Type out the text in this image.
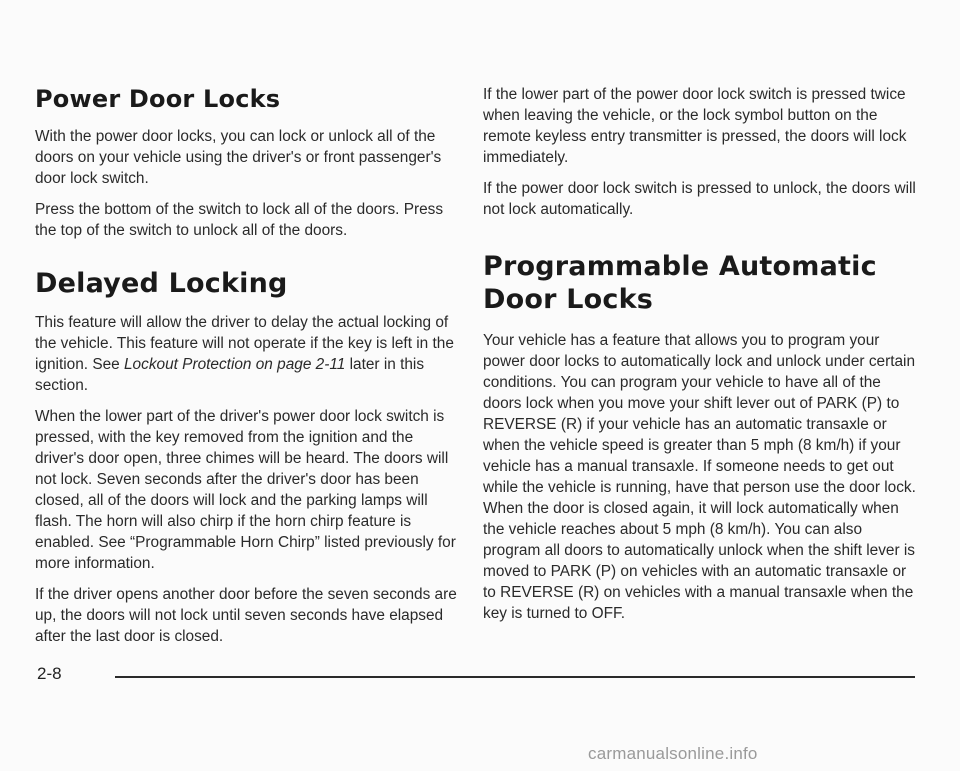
Power Door Locks

With the power door locks, you can lock or unlock all of the doors on your vehicle using the driver's or front passenger's door lock switch.

Press the bottom of the switch to lock all of the doors. Press the top of the switch to unlock all of the doors.

Delayed Locking

This feature will allow the driver to delay the actual locking of the vehicle. This feature will not operate if the key is left in the ignition. See Lockout Protection on page 2-11 later in this section.

When the lower part of the driver's power door lock switch is pressed, with the key removed from the ignition and the driver's door open, three chimes will be heard. The doors will not lock. Seven seconds after the driver's door has been closed, all of the doors will lock and the parking lamps will flash. The horn will also chirp if the horn chirp feature is enabled. See “Programmable Horn Chirp” listed previously for more information.

If the driver opens another door before the seven seconds are up, the doors will not lock until seven seconds have elapsed after the last door is closed.

If the lower part of the power door lock switch is pressed twice when leaving the vehicle, or the lock symbol button on the remote keyless entry transmitter is pressed, the doors will lock immediately.

If the power door lock switch is pressed to unlock, the doors will not lock automatically.

Programmable Automatic Door Locks

Your vehicle has a feature that allows you to program your power door locks to automatically lock and unlock under certain conditions. You can program your vehicle to have all of the doors lock when you move your shift lever out of PARK (P) to REVERSE (R) if your vehicle has an automatic transaxle or when the vehicle speed is greater than 5 mph (8 km/h) if your vehicle has a manual transaxle. If someone needs to get out while the vehicle is running, have that person use the door lock. When the door is closed again, it will lock automatically when the vehicle reaches about 5 mph (8 km/h). You can also program all doors to automatically unlock when the shift lever is moved to PARK (P) on vehicles with an automatic transaxle or to REVERSE (R) on vehicles with a manual transaxle when the key is turned to OFF.

2-8
carmanualsonline.info
